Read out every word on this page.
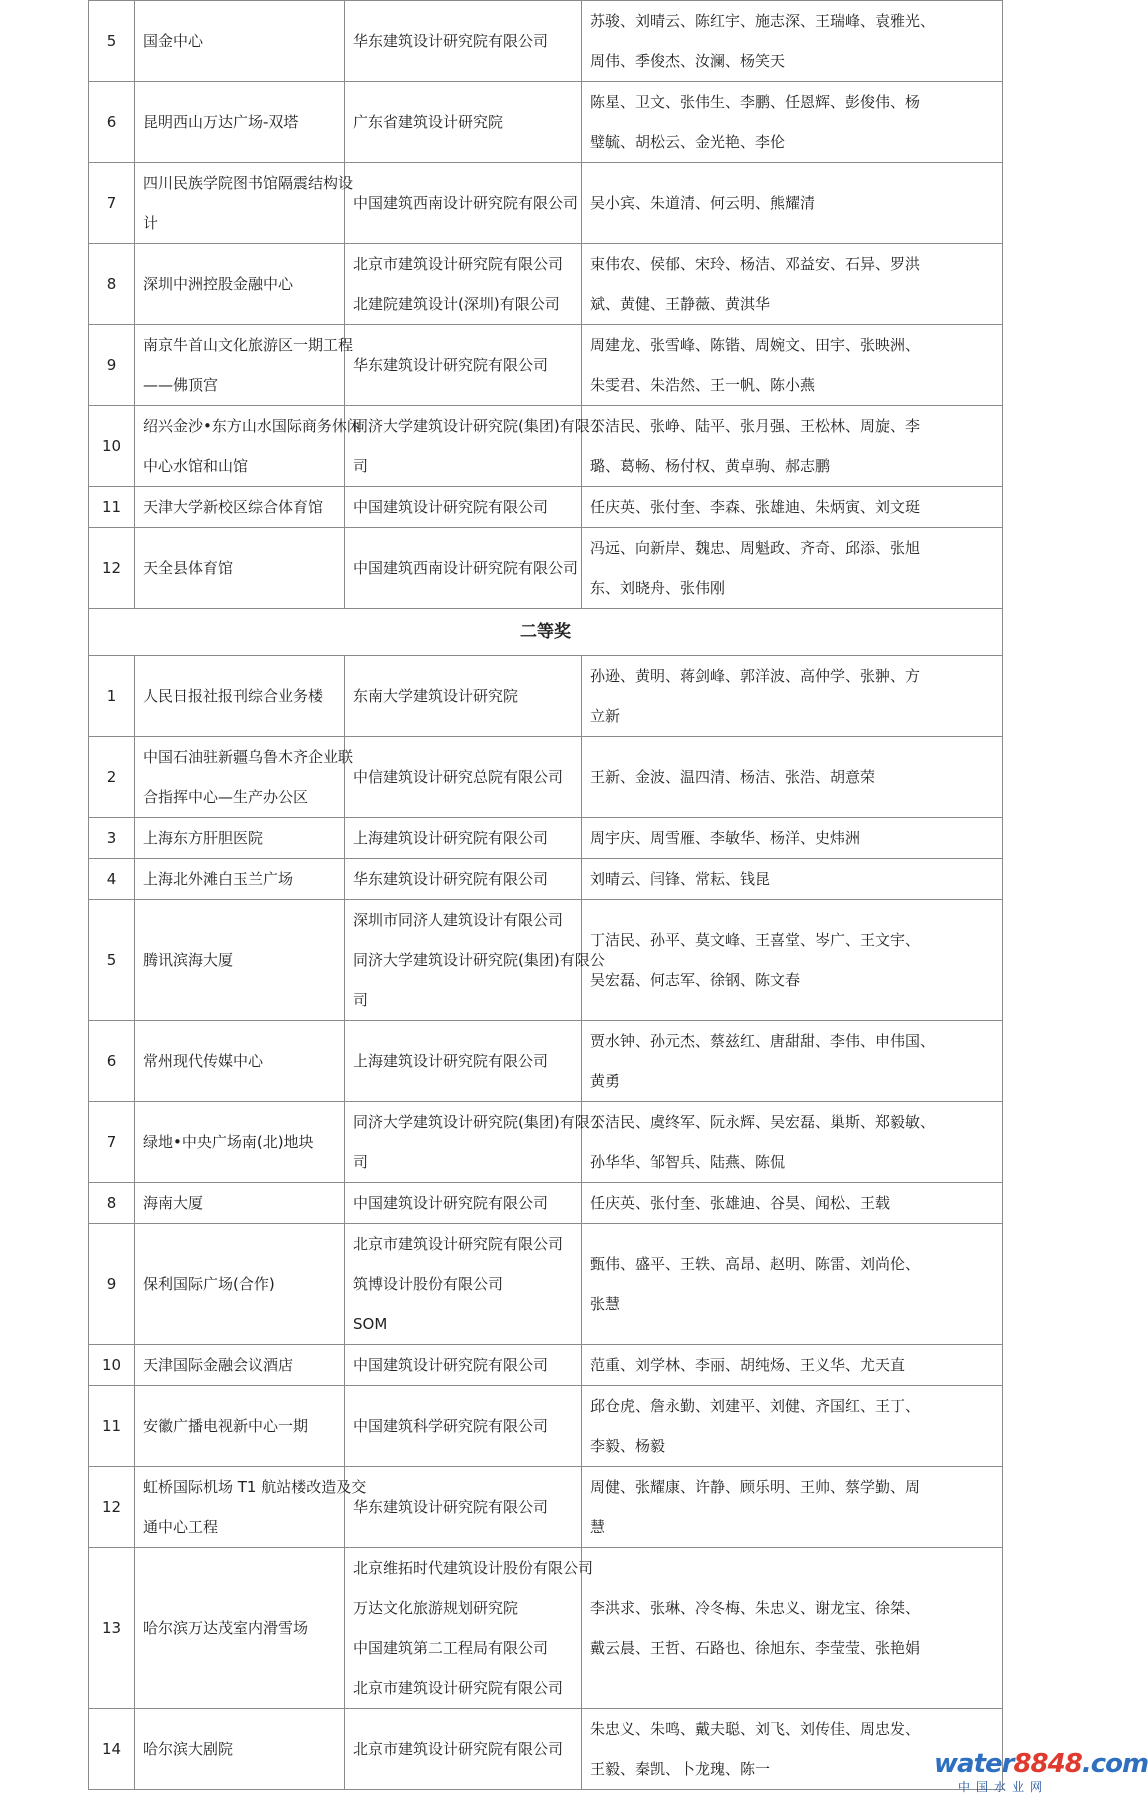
5	国金中心	华东建筑设计研究院有限公司	苏骏、刘晴云、陈红宇、施志深、王瑞峰、袁雅光、
周伟、季俊杰、汝澜、杨笑天

6	昆明西山万达广场-双塔	广东省建筑设计研究院	陈星、卫文、张伟生、李鹏、任恩辉、彭俊伟、杨
璧毓、胡松云、金光艳、李伦

7	四川民族学院图书馆隔震结构设
计	中国建筑西南设计研究院有限公司	吴小宾、朱道清、何云明、熊耀清

8	深圳中洲控股金融中心	北京市建筑设计研究院有限公司
北建院建筑设计(深圳)有限公司	束伟农、侯郁、宋玲、杨洁、邓益安、石异、罗洪
斌、黄健、王静薇、黄淇华

9	南京牛首山文化旅游区一期工程
——佛顶宫	华东建筑设计研究院有限公司	周建龙、张雪峰、陈锴、周婉文、田宇、张映洲、
朱雯君、朱浩然、王一帆、陈小燕

10	绍兴金沙•东方山水国际商务休闲
中心水馆和山馆	同济大学建筑设计研究院(集团)有限公
司	丁洁民、张峥、陆平、张月强、王松林、周旋、李
璐、葛畅、杨付权、黄卓驹、郝志鹏

11	天津大学新校区综合体育馆	中国建筑设计研究院有限公司	任庆英、张付奎、李森、张雄迪、朱炳寅、刘文珽

12	天全县体育馆	中国建筑西南设计研究院有限公司	冯远、向新岸、魏忠、周魁政、齐奇、邱添、张旭
东、刘晓舟、张伟刚

二等奖			
1	人民日报社报刊综合业务楼	东南大学建筑设计研究院	孙逊、黄明、蒋剑峰、郭洋波、高仲学、张翀、方
立新

2	中国石油驻新疆乌鲁木齐企业联
合指挥中心—生产办公区	中信建筑设计研究总院有限公司	王新、金波、温四清、杨洁、张浩、胡意荣

3	上海东方肝胆医院	上海建筑设计研究院有限公司	周宇庆、周雪雁、李敏华、杨洋、史炜洲

4	上海北外滩白玉兰广场	华东建筑设计研究院有限公司	刘晴云、闫锋、常耘、钱昆

5	腾讯滨海大厦	深圳市同济人建筑设计有限公司
同济大学建筑设计研究院(集团)有限公
司	丁洁民、孙平、莫文峰、王喜堂、岑广、王文宇、
吴宏磊、何志军、徐钢、陈文春

6	常州现代传媒中心	上海建筑设计研究院有限公司	贾水钟、孙元杰、蔡兹红、唐甜甜、李伟、申伟国、
黄勇

7	绿地•中央广场南(北)地块	同济大学建筑设计研究院(集团)有限公
司	丁洁民、虞终军、阮永辉、吴宏磊、巢斯、郑毅敏、
孙华华、邹智兵、陆燕、陈侃

8	海南大厦	中国建筑设计研究院有限公司	任庆英、张付奎、张雄迪、谷昊、闻松、王载

9	保利国际广场(合作)	北京市建筑设计研究院有限公司
筑博设计股份有限公司
SOM	甄伟、盛平、王轶、高昂、赵明、陈雷、刘尚伦、
张慧

10	天津国际金融会议酒店	中国建筑设计研究院有限公司	范重、刘学林、李丽、胡纯炀、王义华、尤天直

11	安徽广播电视新中心一期	中国建筑科学研究院有限公司	邱仓虎、詹永勤、刘建平、刘健、齐国红、王丁、
李毅、杨毅

12	虹桥国际机场 T1 航站楼改造及交
通中心工程	华东建筑设计研究院有限公司	周健、张耀康、许静、顾乐明、王帅、蔡学勤、周
慧

13	哈尔滨万达茂室内滑雪场	北京维拓时代建筑设计股份有限公司
万达文化旅游规划研究院
中国建筑第二工程局有限公司
北京市建筑设计研究院有限公司	李洪求、张琳、冷冬梅、朱忠义、谢龙宝、徐桀、
戴云晨、王哲、石路也、徐旭东、李莹莹、张艳娟

14	哈尔滨大剧院	北京市建筑设计研究院有限公司	朱忠义、朱鸣、戴夫聪、刘飞、刘传佳、周忠发、
王毅、秦凯、卜龙瑰、陈一	water8848.com
中国水业网
